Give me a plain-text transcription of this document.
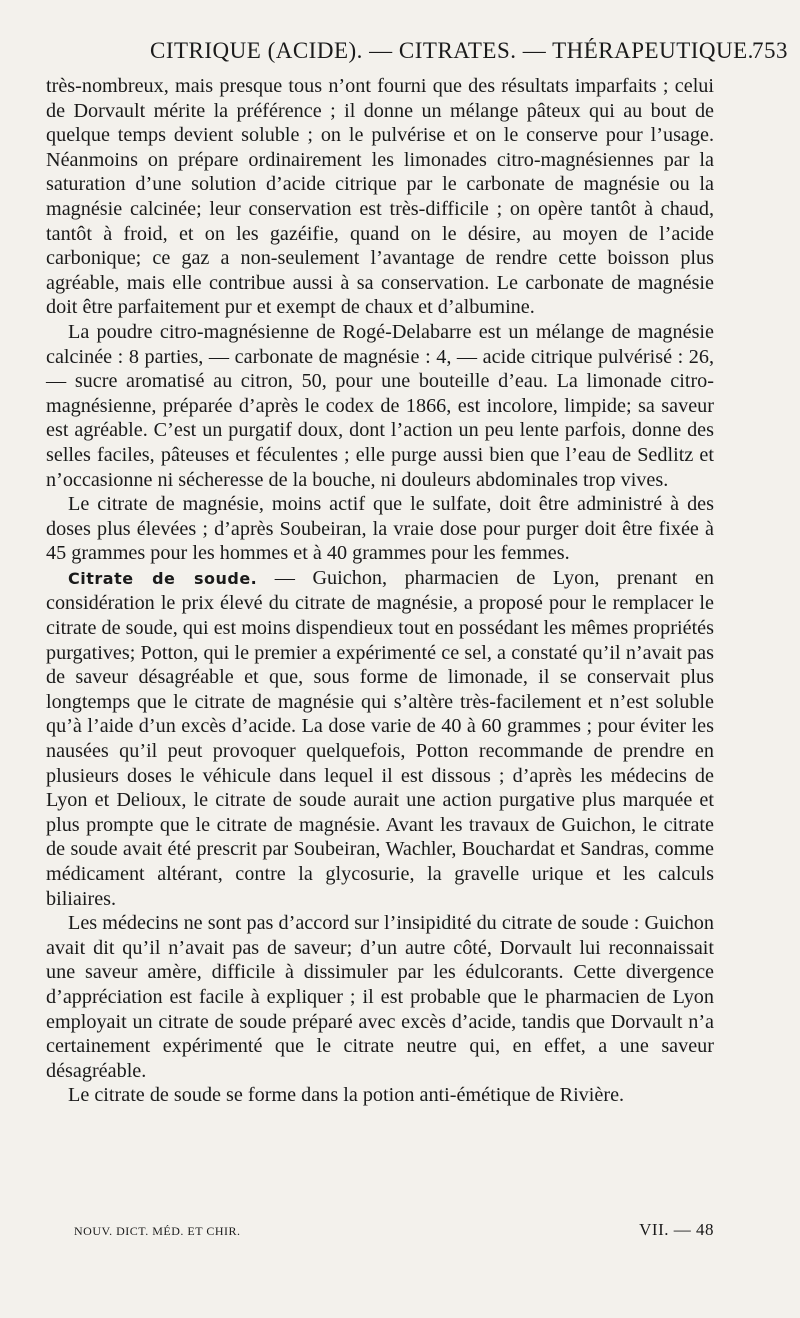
CITRIQUE (ACIDE). — CITRATES. — THÉRAPEUTIQUE.
753

très-nombreux, mais presque tous n’ont fourni que des résultats imparfaits ; celui de Dorvault mérite la préférence ; il donne un mélange pâteux qui au bout de quelque temps devient soluble ; on le pulvérise et on le conserve pour l’usage. Néanmoins on prépare ordinairement les limonades citro-magnésiennes par la saturation d’une solution d’acide citrique par le carbonate de magnésie ou la magnésie calcinée; leur conservation est très-difficile ; on opère tantôt à chaud, tantôt à froid, et on les gazéifie, quand on le désire, au moyen de l’acide carbonique; ce gaz a non-seulement l’avantage de rendre cette boisson plus agréable, mais elle contribue aussi à sa conservation. Le carbonate de magnésie doit être parfaitement pur et exempt de chaux et d’albumine.

La poudre citro-magnésienne de Rogé-Delabarre est un mélange de magnésie calcinée : 8 parties, — carbonate de magnésie : 4, — acide citrique pulvérisé : 26, — sucre aromatisé au citron, 50, pour une bouteille d’eau. La limonade citro-magnésienne, préparée d’après le codex de 1866, est incolore, limpide; sa saveur est agréable. C’est un purgatif doux, dont l’action un peu lente parfois, donne des selles faciles, pâteuses et féculentes ; elle purge aussi bien que l’eau de Sedlitz et n’occasionne ni sécheresse de la bouche, ni douleurs abdominales trop vives.

Le citrate de magnésie, moins actif que le sulfate, doit être administré à des doses plus élevées ; d’après Soubeiran, la vraie dose pour purger doit être fixée à 45 grammes pour les hommes et à 40 grammes pour les femmes.

Citrate de soude. — Guichon, pharmacien de Lyon, prenant en considération le prix élevé du citrate de magnésie, a proposé pour le remplacer le citrate de soude, qui est moins dispendieux tout en possédant les mêmes propriétés purgatives; Potton, qui le premier a expérimenté ce sel, a constaté qu’il n’avait pas de saveur désagréable et que, sous forme de limonade, il se conservait plus longtemps que le citrate de magnésie qui s’altère très-facilement et n’est soluble qu’à l’aide d’un excès d’acide. La dose varie de 40 à 60 grammes ; pour éviter les nausées qu’il peut provoquer quelquefois, Potton recommande de prendre en plusieurs doses le véhicule dans lequel il est dissous ; d’après les médecins de Lyon et Delioux, le citrate de soude aurait une action purgative plus marquée et plus prompte que le citrate de magnésie. Avant les travaux de Guichon, le citrate de soude avait été prescrit par Soubeiran, Wachler, Bouchardat et Sandras, comme médicament altérant, contre la glycosurie, la gravelle urique et les calculs biliaires.

Les médecins ne sont pas d’accord sur l’insipidité du citrate de soude : Guichon avait dit qu’il n’avait pas de saveur; d’un autre côté, Dorvault lui reconnaissait une saveur amère, difficile à dissimuler par les édulcorants. Cette divergence d’appréciation est facile à expliquer ; il est probable que le pharmacien de Lyon employait un citrate de soude préparé avec excès d’acide, tandis que Dorvault n’a certainement expérimenté que le citrate neutre qui, en effet, a une saveur désagréable.

Le citrate de soude se forme dans la potion anti-émétique de Rivière.

NOUV. DICT. MÉD. ET CHIR.	VII. — 48
